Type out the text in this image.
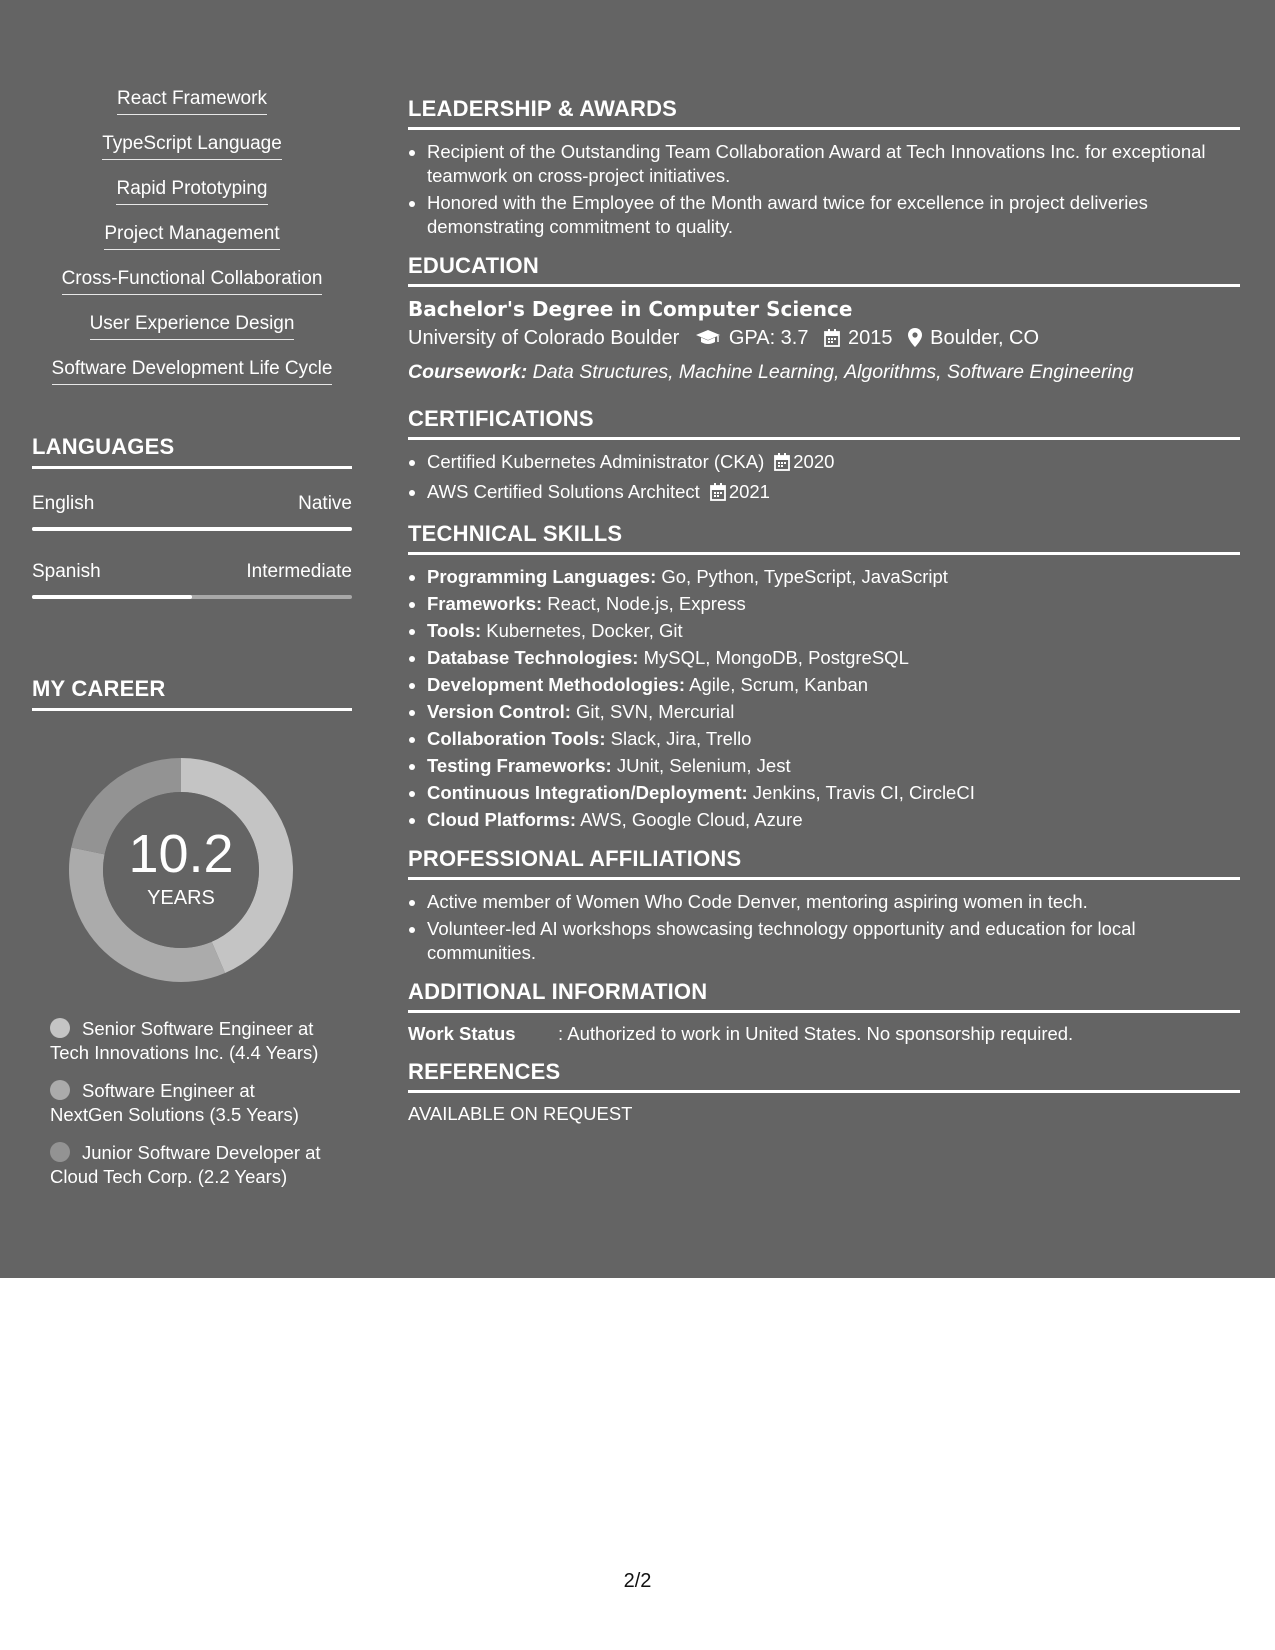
React Framework
TypeScript Language
Rapid Prototyping
Project Management
Cross-Functional Collaboration
User Experience Design
Software Development Life Cycle
LANGUAGES
English	Native
Spanish	Intermediate
MY CAREER
10.2
YEARS
Senior Software Engineer at
Tech Innovations Inc. (4.4 Years)
Software Engineer at
NextGen Solutions (3.5 Years)
Junior Software Developer at
Cloud Tech Corp. (2.2 Years)
LEADERSHIP & AWARDS
• Recipient of the Outstanding Team Collaboration Award at Tech Innovations Inc. for exceptional teamwork on cross-project initiatives.
• Honored with the Employee of the Month award twice for excellence in project deliveries demonstrating commitment to quality.
EDUCATION
Bachelor's Degree in Computer Science
University of Colorado Boulder GPA: 3.7 2015 Boulder, CO
Coursework: Data Structures, Machine Learning, Algorithms, Software Engineering
CERTIFICATIONS
• Certified Kubernetes Administrator (CKA) 2020
• AWS Certified Solutions Architect 2021
TECHNICAL SKILLS
• Programming Languages: Go, Python, TypeScript, JavaScript
• Frameworks: React, Node.js, Express
• Tools: Kubernetes, Docker, Git
• Database Technologies: MySQL, MongoDB, PostgreSQL
• Development Methodologies: Agile, Scrum, Kanban
• Version Control: Git, SVN, Mercurial
• Collaboration Tools: Slack, Jira, Trello
• Testing Frameworks: JUnit, Selenium, Jest
• Continuous Integration/Deployment: Jenkins, Travis CI, CircleCI
• Cloud Platforms: AWS, Google Cloud, Azure
PROFESSIONAL AFFILIATIONS
• Active member of Women Who Code Denver, mentoring aspiring women in tech.
• Volunteer-led AI workshops showcasing technology opportunity and education for local communities.
ADDITIONAL INFORMATION
Work Status	: Authorized to work in United States. No sponsorship required.
REFERENCES
AVAILABLE ON REQUEST
2/2
